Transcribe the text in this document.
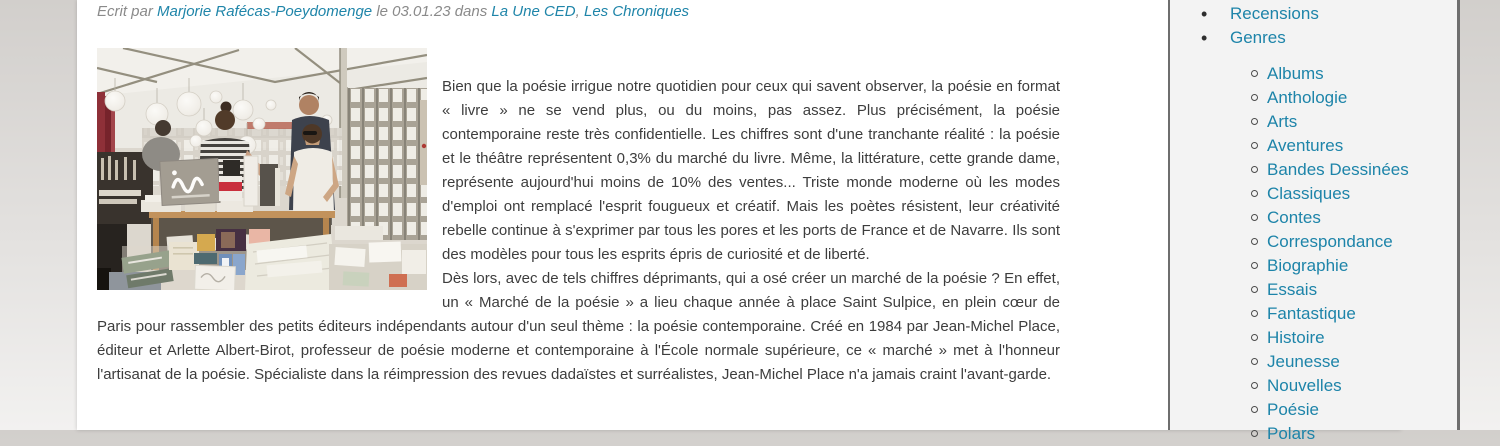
Ecrit par Marjorie Rafécas-Poeydomenge le 03.01.23 dans La Une CED, Les Chroniques

Bien que la poésie irrigue notre quotidien pour ceux qui savent observer, la poésie en format « livre » ne se vend plus, ou du moins, pas assez. Plus précisément, la poésie contemporaine reste très confidentielle. Les chiffres sont d'une tranchante réalité : la poésie et le théâtre représentent 0,3% du marché du livre. Même, la littérature, cette grande dame, représente aujourd'hui moins de 10% des ventes... Triste monde moderne où les modes d'emploi ont remplacé l'esprit fougueux et créatif. Mais les poètes résistent, leur créativité rebelle continue à s'exprimer par tous les pores et les ports de France et de Navarre. Ils sont des modèles pour tous les esprits épris de curiosité et de liberté.

Dès lors, avec de tels chiffres déprimants, qui a osé créer un marché de la poésie ? En effet, un « Marché de la poésie » a lieu chaque année à place Saint Sulpice, en plein cœur de Paris pour rassembler des petits éditeurs indépendants autour d'un seul thème : la poésie contemporaine. Créé en 1984 par Jean-Michel Place, éditeur et Arlette Albert-Birot, professeur de poésie moderne et contemporaine à l'École normale supérieure, ce « marché » met à l'honneur l'artisanat de la poésie. Spécialiste dans la réimpression des revues dadaïstes et surréalistes, Jean-Michel Place n'a jamais craint l'avant-garde.

• Recensions
• Genres
Albums
Anthologie
Arts
Aventures
Bandes Dessinées
Classiques
Contes
Correspondance
Biographie
Essais
Fantastique
Histoire
Jeunesse
Nouvelles
Poésie
Polars
